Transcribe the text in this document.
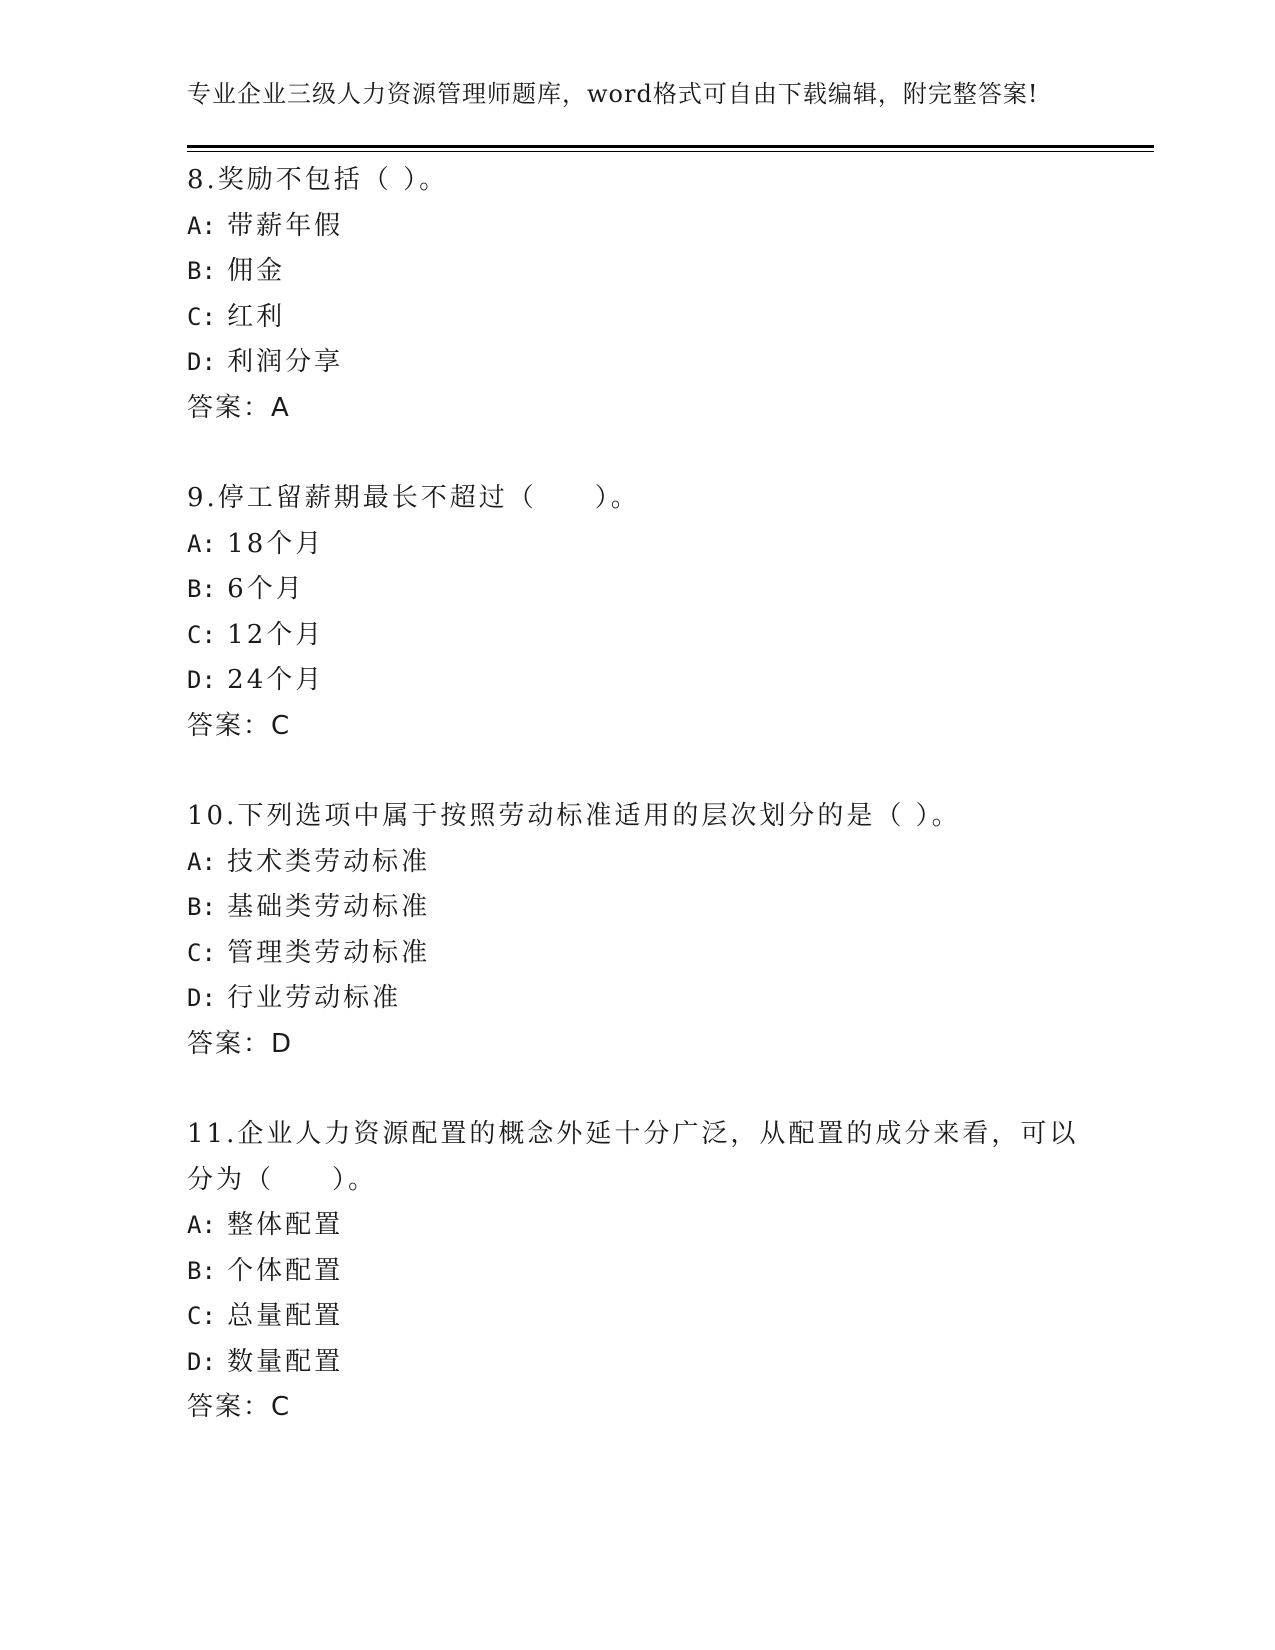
专业企业三级人力资源管理师题库，word格式可自由下载编辑，附完整答案!
8.奖励不包括（ ）。
A: 带薪年假
B: 佣金
C: 红利
D: 利润分享
答案：A
9.停工留薪期最长不超过（　　）。
A: 18个月
B: 6个月
C: 12个月
D: 24个月
答案：C
10.下列选项中属于按照劳动标准适用的层次划分的是（ ）。
A: 技术类劳动标准
B: 基础类劳动标准
C: 管理类劳动标准
D: 行业劳动标准
答案：D
11.企业人力资源配置的概念外延十分广泛，从配置的成分来看，可以分为（　　）。
A: 整体配置
B: 个体配置
C: 总量配置
D: 数量配置
答案：C
